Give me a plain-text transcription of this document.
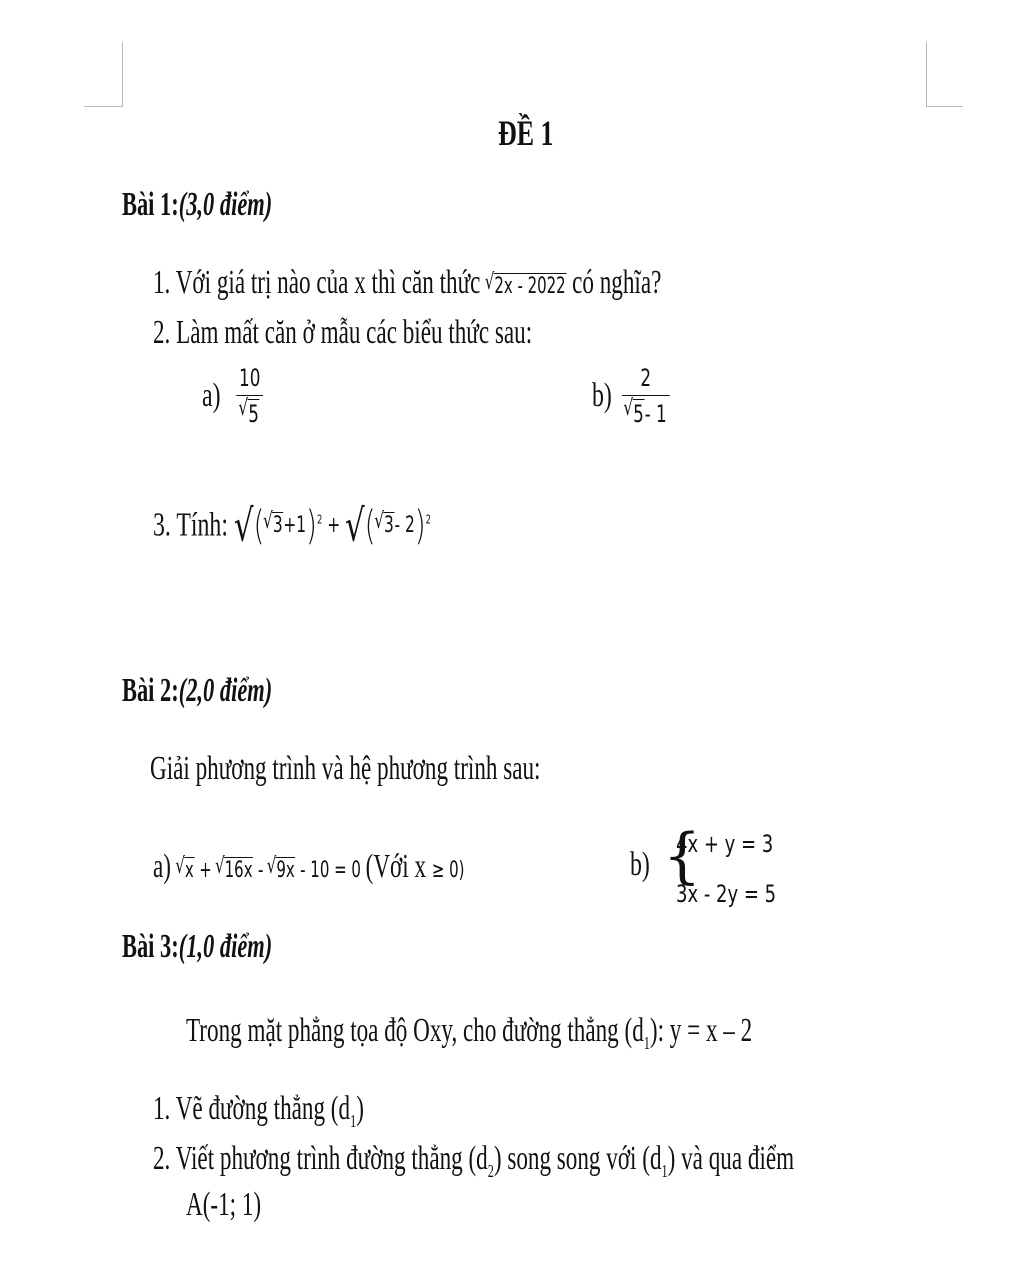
ĐỀ 1
Bài 1:(3,0 điểm)
1. Với giá trị nào của x thì căn thức √ 2x - 2022 có nghĩa?
2. Làm mất căn ở mẫu các biểu thức sau:
a) 10
√ 5	b) 2
√ 5- 1
3. Tính: √( √ 3+1)$^2$ + √( √ 3- 2)$^2$
Bài 2:(2,0 điểm)
Giải phương trình và hệ phương trình sau:
a) √ x + √ 16x - √ 9x - 10 = 0 (Với x ≥ 0)	b) {
4x + y = 3
3x - 2y = 5
Bài 3:(1,0 điểm)
Trong mặt phẳng tọa độ Oxy, cho đường thẳng $(d_1)$: y = x – 2
1. Vẽ đường thẳng $(d_1)$
2. Viết phương trình đường thẳng $(d_2)$ song song với $(d_1)$ và qua điểm
A(-1; 1)
